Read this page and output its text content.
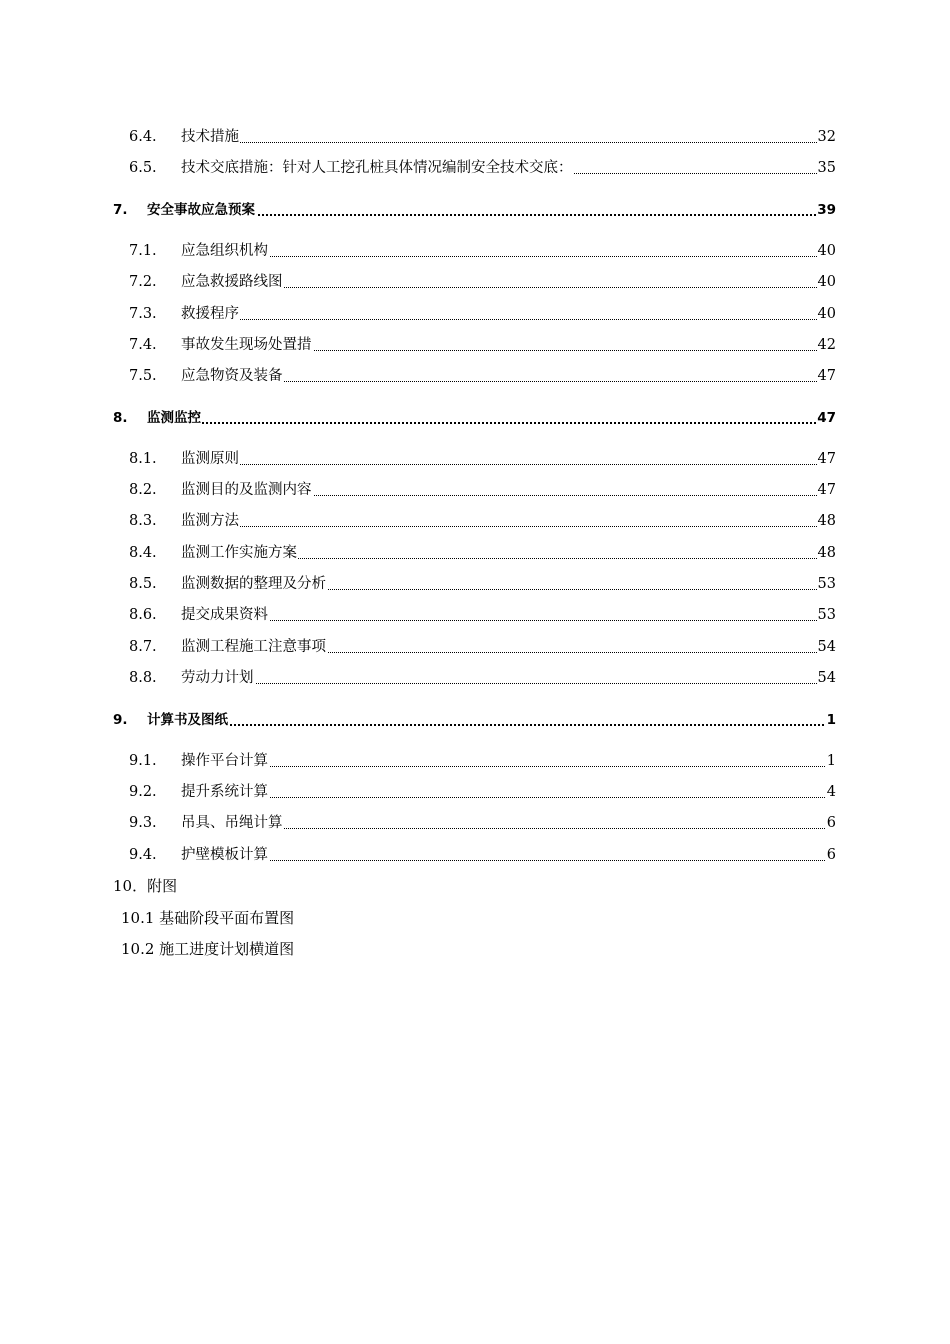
6.4. 技术措施	32
6.5. 技术交底措施：针对人工挖孔桩具体情况编制安全技术交底：	35
7. 安全事故应急预案	39
7.1. 应急组织机构	40
7.2. 应急救援路线图	40
7.3. 救援程序	40
7.4. 事故发生现场处置措	42
7.5. 应急物资及装备	47
8. 监测监控	47
8.1. 监测原则	47
8.2. 监测目的及监测内容	47
8.3. 监测方法	48
8.4. 监测工作实施方案	48
8.5. 监测数据的整理及分析	53
8.6. 提交成果资料	53
8.7. 监测工程施工注意事项	54
8.8. 劳动力计划	54
9. 计算书及图纸	1
9.1. 操作平台计算	1
9.2. 提升系统计算	4
9.3. 吊具、吊绳计算	6
9.4. 护壁模板计算	6
10．附图
10.1 基础阶段平面布置图
10.2 施工进度计划横道图
